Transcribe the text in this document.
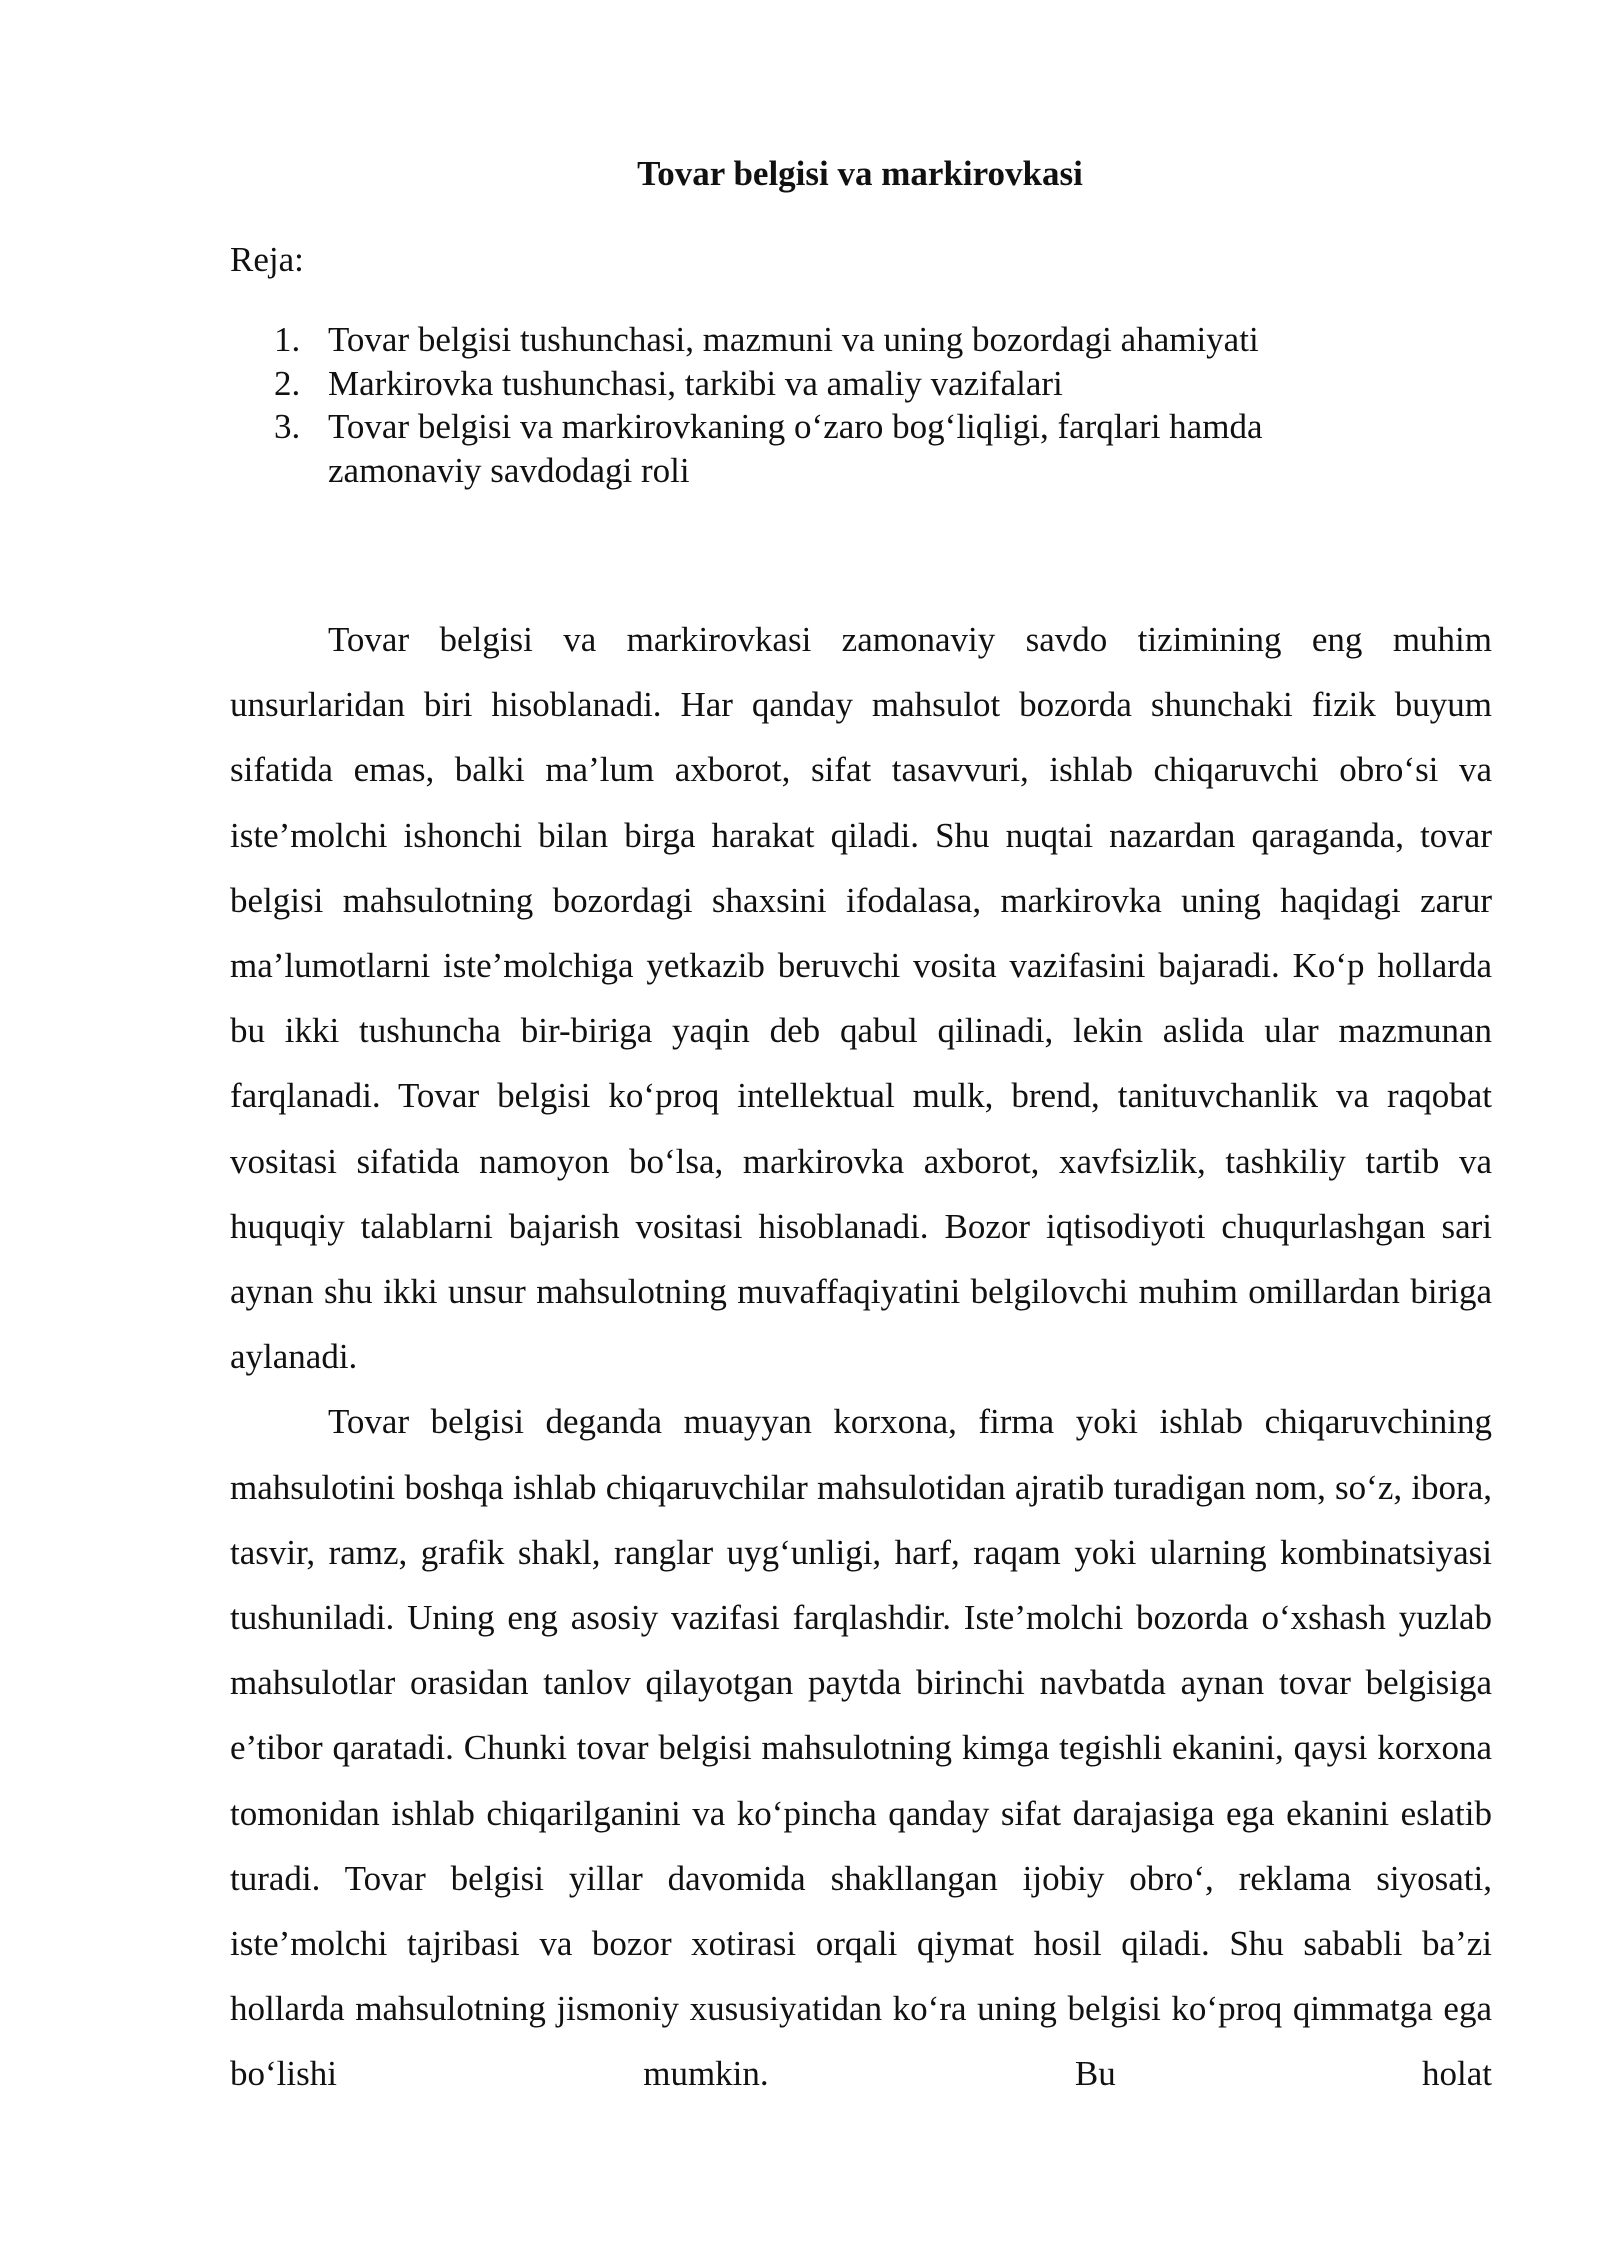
Tovar belgisi va markirovkasi

Reja:

1. Tovar belgisi tushunchasi, mazmuni va uning bozordagi ahamiyati
2. Markirovka tushunchasi, tarkibi va amaliy vazifalari
3. Tovar belgisi va markirovkaning o‘zaro bog‘liqligi, farqlari hamda zamonaviy savdodagi roli

Tovar belgisi va markirovkasi zamonaviy savdo tizimining eng muhim unsurlaridan biri hisoblanadi. Har qanday mahsulot bozorda shunchaki fizik buyum sifatida emas, balki ma’lum axborot, sifat tasavvuri, ishlab chiqaruvchi obro‘si va iste’molchi ishonchi bilan birga harakat qiladi. Shu nuqtai nazardan qaraganda, tovar belgisi mahsulotning bozordagi shaxsini ifodalasa, markirovka uning haqidagi zarur ma’lumotlarni iste’molchiga yetkazib beruvchi vosita vazifasini bajaradi. Ko‘p hollarda bu ikki tushuncha bir-biriga yaqin deb qabul qilinadi, lekin aslida ular mazmunan farqlanadi. Tovar belgisi ko‘proq intellektual mulk, brend, tanituvchanlik va raqobat vositasi sifatida namoyon bo‘lsa, markirovka axborot, xavfsizlik, tashkiliy tartib va huquqiy talablarni bajarish vositasi hisoblanadi. Bozor iqtisodiyoti chuqurlashgan sari aynan shu ikki unsur mahsulotning muvaffaqiyatini belgilovchi muhim omillardan biriga aylanadi.

Tovar belgisi deganda muayyan korxona, firma yoki ishlab chiqaruvchining mahsulotini boshqa ishlab chiqaruvchilar mahsulotidan ajratib turadigan nom, so‘z, ibora, tasvir, ramz, grafik shakl, ranglar uyg‘unligi, harf, raqam yoki ularning kombinatsiyasi tushuniladi. Uning eng asosiy vazifasi farqlashdir. Iste’molchi bozorda o‘xshash yuzlab mahsulotlar orasidan tanlov qilayotgan paytda birinchi navbatda aynan tovar belgisiga e’tibor qaratadi. Chunki tovar belgisi mahsulotning kimga tegishli ekanini, qaysi korxona tomonidan ishlab chiqarilganini va ko‘pincha qanday sifat darajasiga ega ekanini eslatib turadi. Tovar belgisi yillar davomida shakllangan ijobiy obro‘, reklama siyosati, iste’molchi tajribasi va bozor xotirasi orqali qiymat hosil qiladi. Shu sababli ba’zi hollarda mahsulotning jismoniy xususiyatidan ko‘ra uning belgisi ko‘proq qimmatga ega bo‘lishi mumkin. Bu holat
